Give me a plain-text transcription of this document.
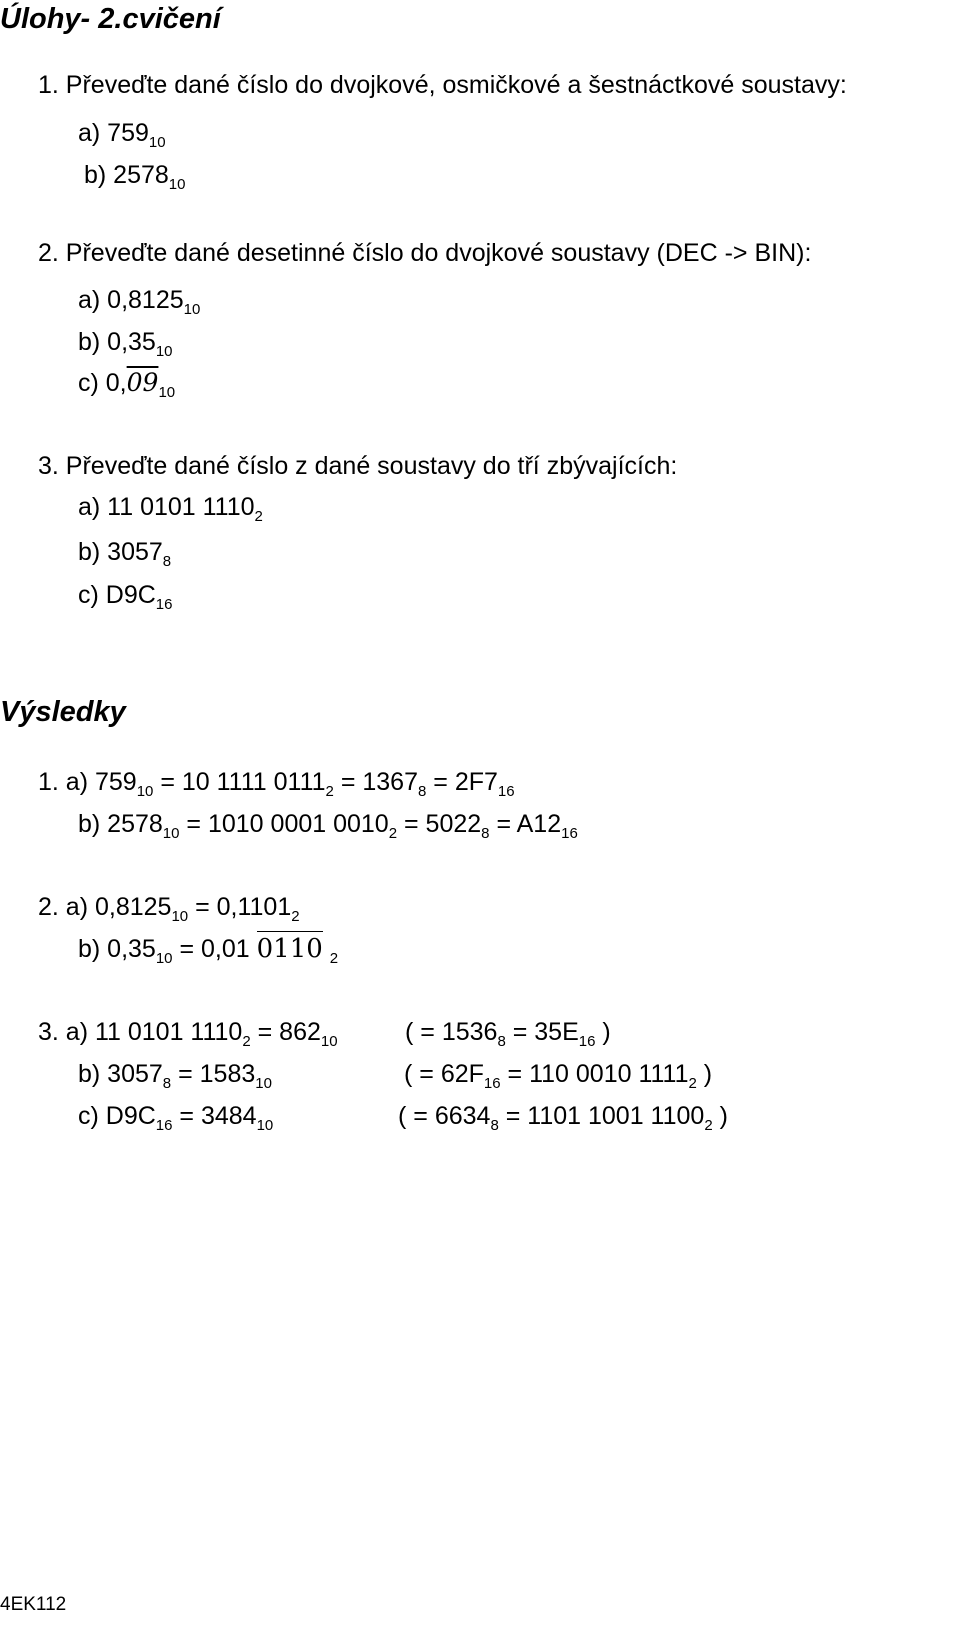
Úlohy- 2.cvičení
1. Převeďte dané číslo do dvojkové, osmičkové a šestnáctkové soustavy:
a) $759_{10}$
b) $2578_{10}$
2. Převeďte dané desetinné číslo do dvojkové soustavy (DEC -> BIN):
a) $0,8125_{10}$
b) $0,35_{10}$
c) $0,09_{10}$
3. Převeďte dané číslo z dané soustavy do tří zbývajících:
a) 11 0101 $1110_2$
b) $3057_8$
c) $D9C_{16}$
Výsledky
1. a) $759_{10} = 10$ 1111 $0111_2 = 1367_8 = 2F7_{16}$
b) $2578_{10} = 1010$ 0001 $0010_2 = 5022_8 = A12_{16}$
2. a) $0,8125_{10} = 0,1101_2$
b) $0,35_{10} = 0,01$ 0110 $_2$
3. a) 11 0101 $1110_2 = 862_{10}$	( = $1536_8 = 35E_{16}$ )
b) $3057_8 = 1583_{10}$	( = $62F_{16} = 110$ 0010 $1111_2$ )
c) $D9C_{16} = 3484_{10}$	( = $6634_8 = 1101$ 1001 $1100_2$ )
4EK112
